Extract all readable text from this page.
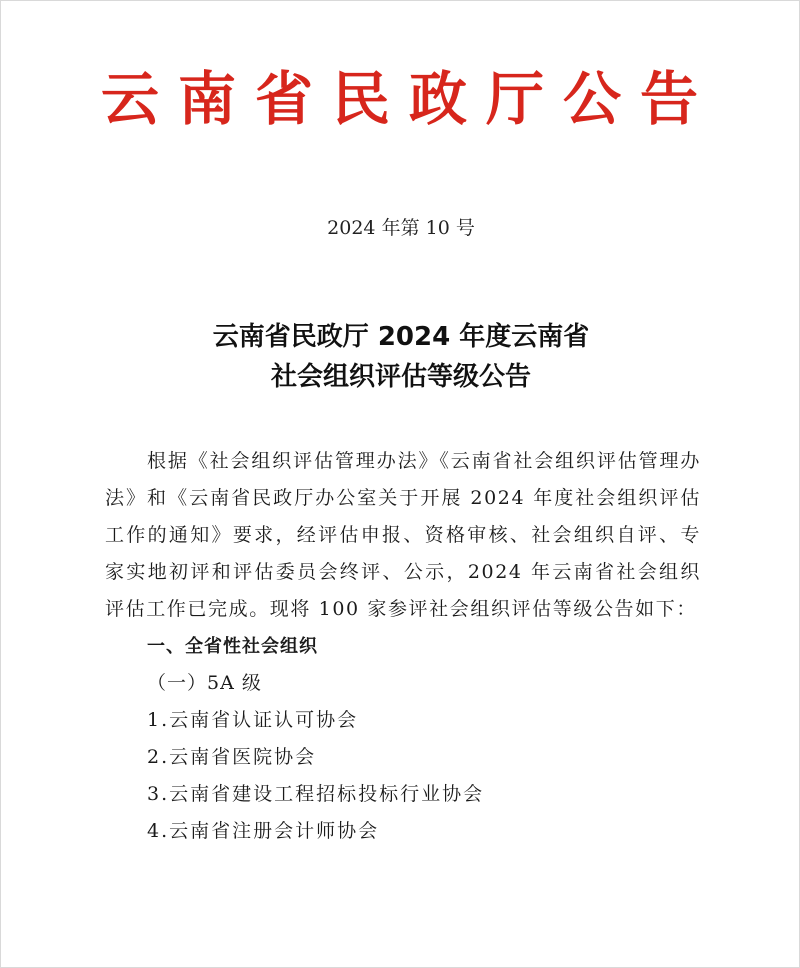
云南省民政厅公告
2024 年第 10 号
云南省民政厅 2024 年度云南省
社会组织评估等级公告

根据《社会组织评估管理办法》《云南省社会组织评估管理办法》和《云南省民政厅办公室关于开展 2024 年度社会组织评估工作的通知》要求，经评估申报、资格审核、社会组织自评、专家实地初评和评估委员会终评、公示，2024 年云南省社会组织评估工作已完成。现将 100 家参评社会组织评估等级公告如下：

一、全省性社会组织

（一）5A 级

1.云南省认证认可协会

2.云南省医院协会

3.云南省建设工程招标投标行业协会

4.云南省注册会计师协会
